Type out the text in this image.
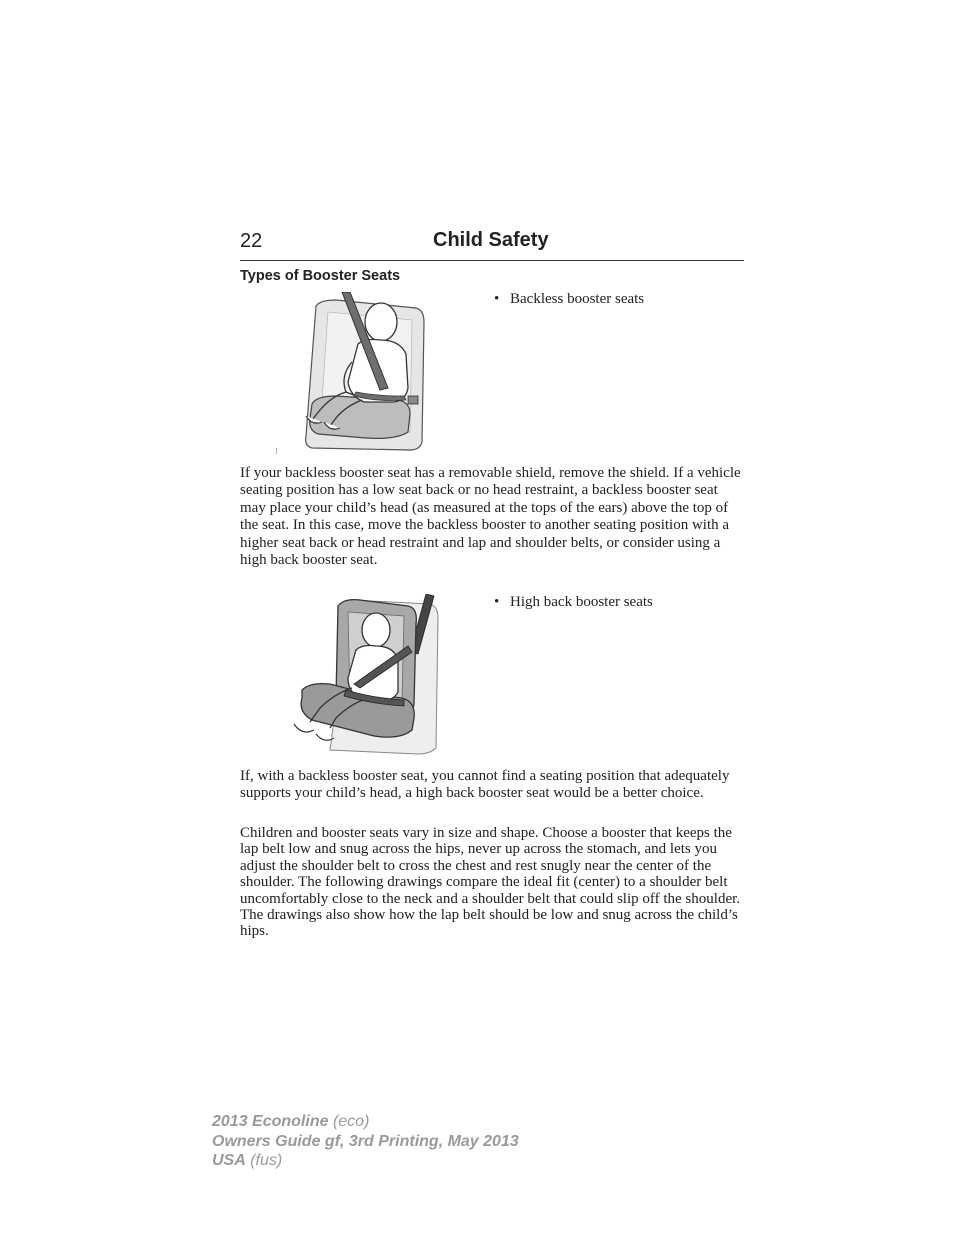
22	Child Safety
Types of Booster Seats
• Backless booster seats

If your backless booster seat has a removable shield, remove the shield. If a vehicle seating position has a low seat back or no head restraint, a backless booster seat may place your child’s head (as measured at the tops of the ears) above the top of the seat. In this case, move the backless booster to another seating position with a higher seat back or head restraint and lap and shoulder belts, or consider using a high back booster seat.

• High back booster seats

If, with a backless booster seat, you cannot find a seating position that adequately supports your child’s head, a high back booster seat would be a better choice.

Children and booster seats vary in size and shape. Choose a booster that keeps the lap belt low and snug across the hips, never up across the stomach, and lets you adjust the shoulder belt to cross the chest and rest snugly near the center of the shoulder. The following drawings compare the ideal fit (center) to a shoulder belt uncomfortably close to the neck and a shoulder belt that could slip off the shoulder. The drawings also show how the lap belt should be low and snug across the child’s hips.

2013 Econoline (eco)
Owners Guide gf, 3rd Printing, May 2013
USA (fus)
